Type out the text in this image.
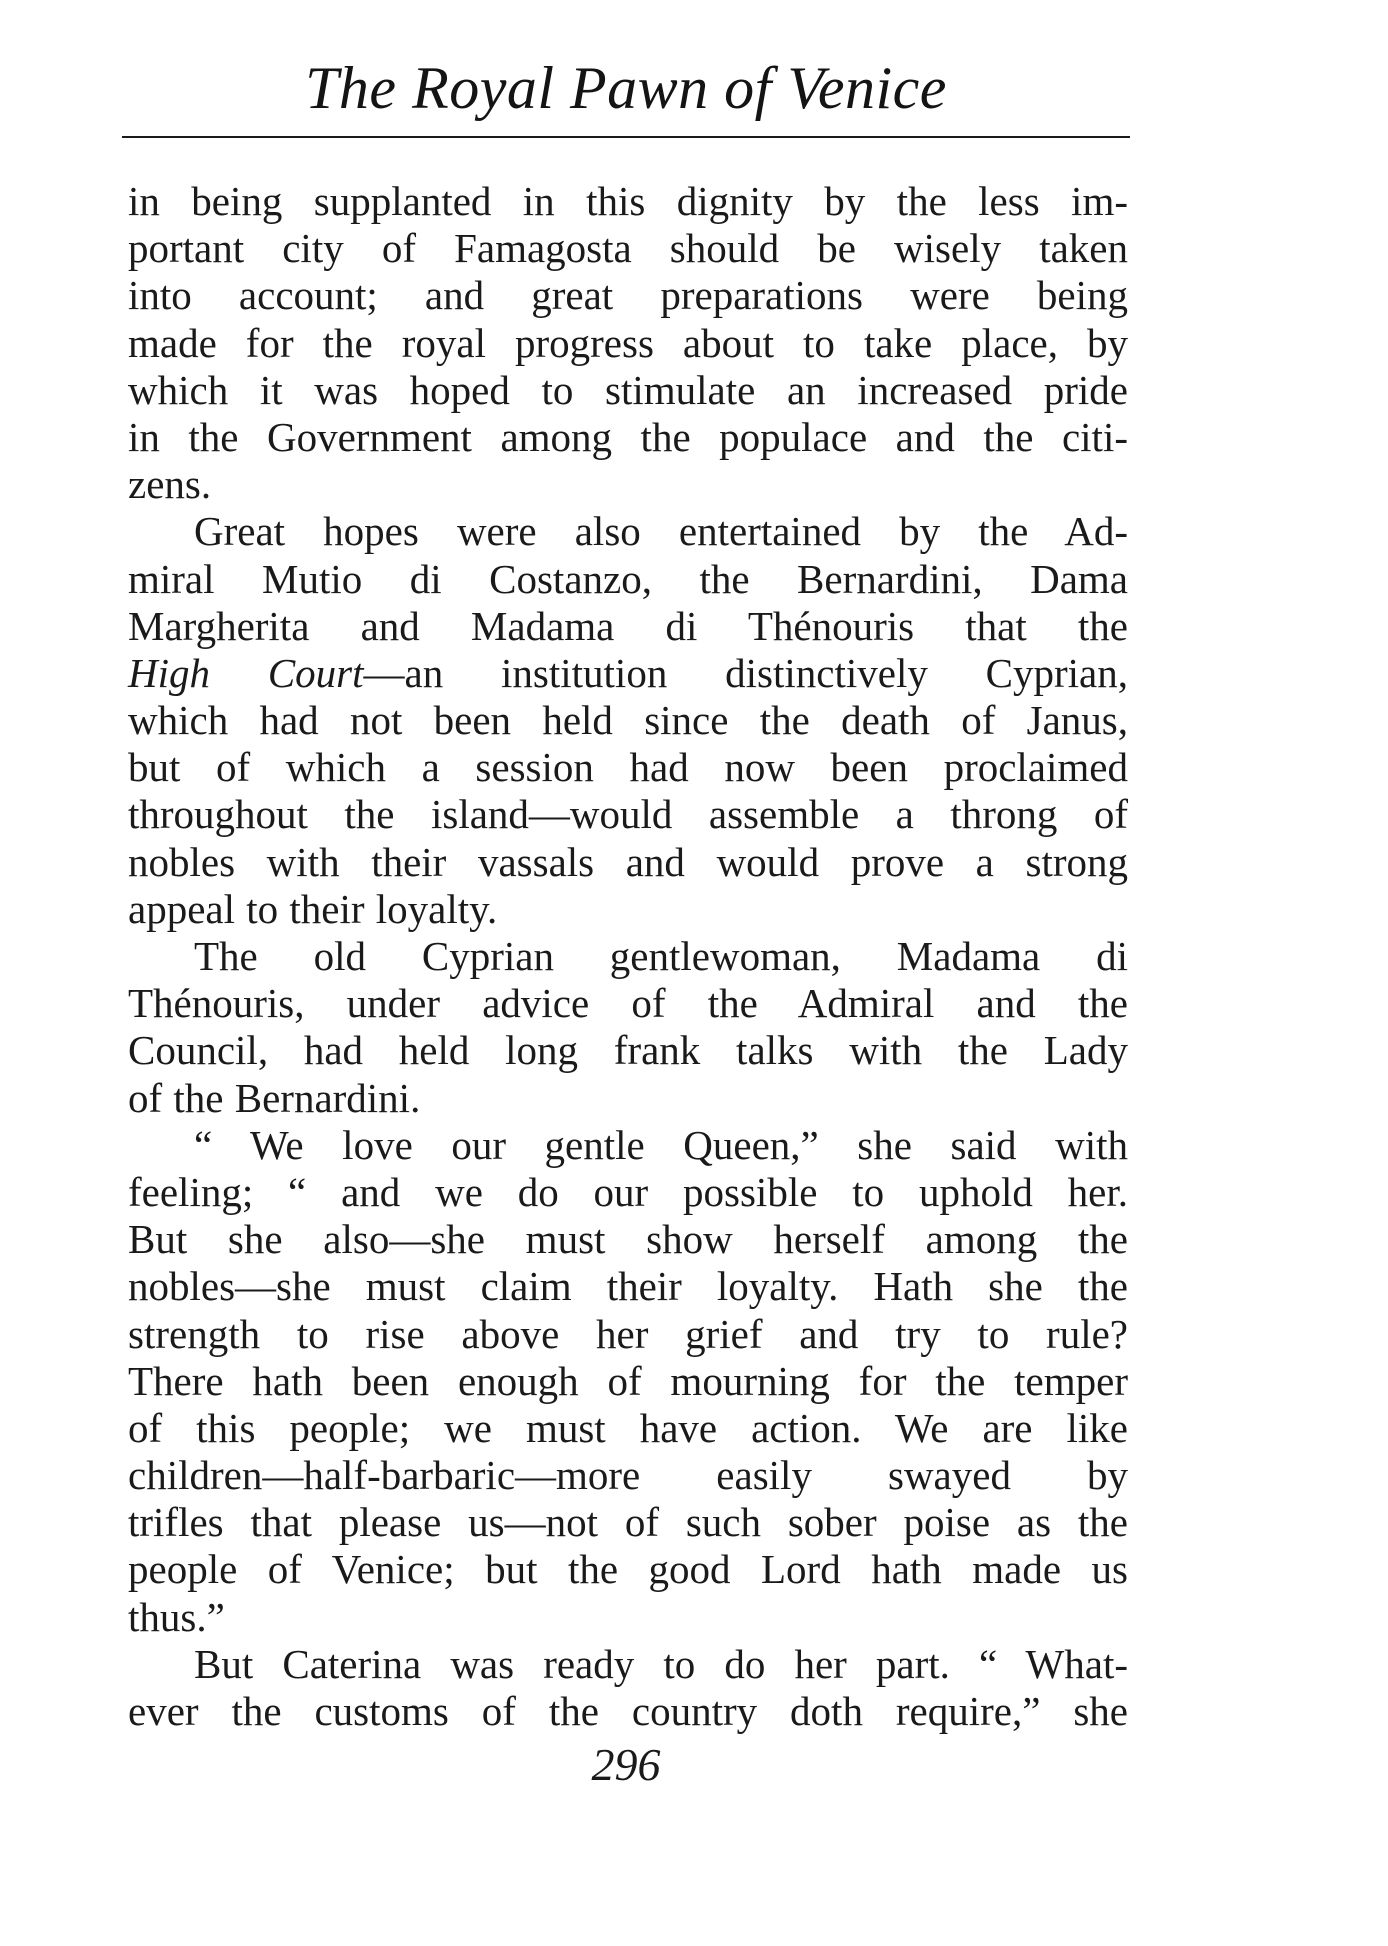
The Royal Pawn of Venice
in being supplanted in this dignity by the less im-
portant city of Famagosta should be wisely taken
into account; and great preparations were being
made for the royal progress about to take place, by
which it was hoped to stimulate an increased pride
in the Government among the populace and the citi-
zens.
Great hopes were also entertained by the Ad-
miral Mutio di Costanzo, the Bernardini, Dama
Margherita and Madama di Thénouris that the
High Court—an institution distinctively Cyprian,
which had not been held since the death of Janus,
but of which a session had now been proclaimed
throughout the island—would assemble a throng of
nobles with their vassals and would prove a strong
appeal to their loyalty.
The old Cyprian gentlewoman, Madama di
Thénouris, under advice of the Admiral and the
Council, had held long frank talks with the Lady
of the Bernardini.
“ We love our gentle Queen,” she said with
feeling; “ and we do our possible to uphold her.
But she also—she must show herself among the
nobles—she must claim their loyalty. Hath she the
strength to rise above her grief and try to rule?
There hath been enough of mourning for the temper
of this people; we must have action. We are like
children—half-barbaric—more easily swayed by
trifles that please us—not of such sober poise as the
people of Venice; but the good Lord hath made us
thus.”
But Caterina was ready to do her part. “ What-
ever the customs of the country doth require,” she
296
